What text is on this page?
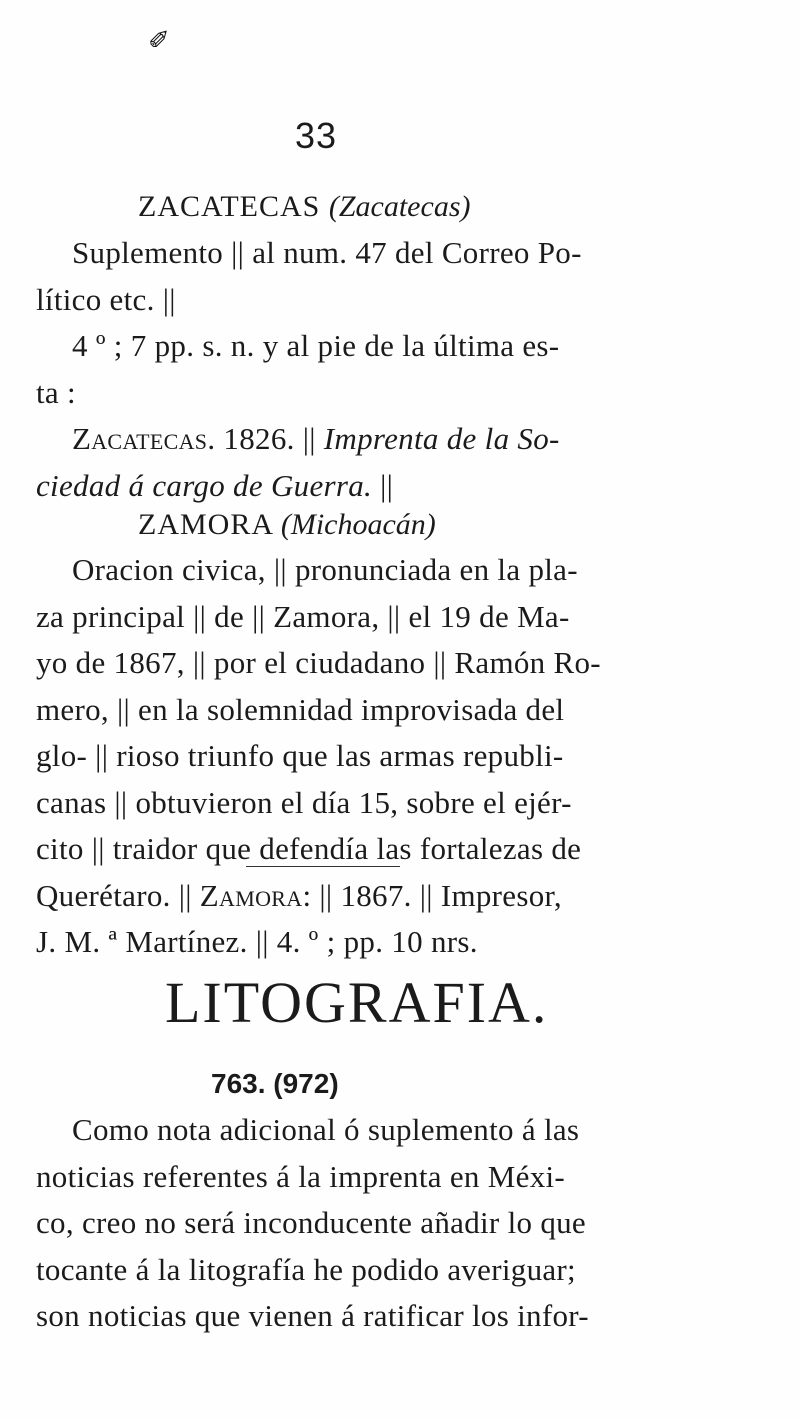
✐
33
ZACATECAS (Zacatecas)
Suplemento || al num. 47 del Correo Po-
lítico etc. ||
4 º ; 7 pp. s. n. y al pie de la última es-
ta :
Zacatecas. 1826. || Imprenta de la So-
ciedad á cargo de Guerra. ||
ZAMORA (Michoacán)
Oracion civica, || pronunciada en la pla-
za principal || de || Zamora, || el 19 de Ma-
yo de 1867, || por el ciudadano || Ramón Ro-
mero, || en la solemnidad improvisada del
glo- || rioso triunfo que las armas republi-
canas || obtuvieron el día 15, sobre el ejér-
cito || traidor que defendía las fortalezas de
Querétaro. || Zamora: || 1867. || Impresor,
J. M. ª Martínez. || 4. º ; pp. 10 nrs.
LITOGRAFIA.
763. (972)
Como nota adicional ó suplemento á las
noticias referentes á la imprenta en Méxi-
co, creo no será inconducente añadir lo que
tocante á la litografía he podido averiguar;
son noticias que vienen á ratificar los infor-
